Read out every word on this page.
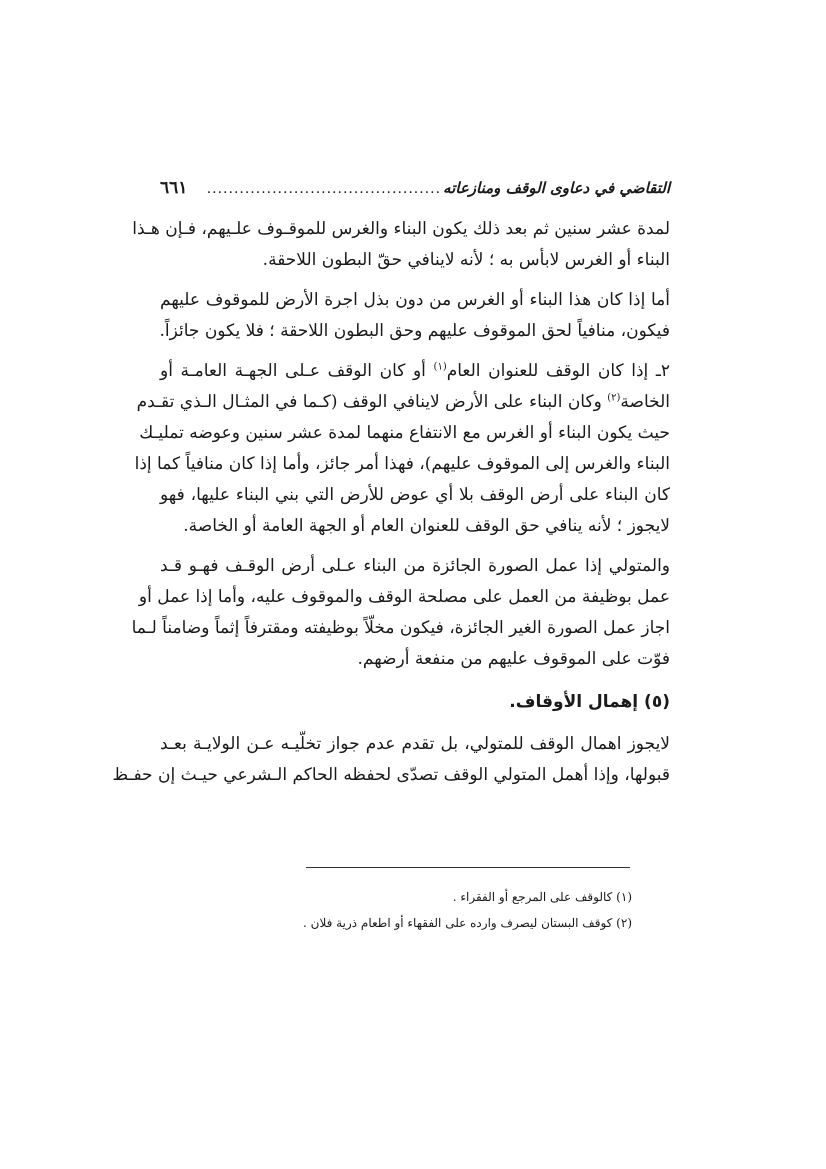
التقاضي في دعاوى الوقف ومنازعاته
...........................................
٦٦١

لمدة عشر سنين ثم بعد ذلك يكون البناء والغرس للموقـوف علـيهم، فـإن هـذا
البناء أو الغرس لابأس به ؛ لأنه لاينافي حقّ البطون اللاحقة.

أما إذا كان هذا البناء أو الغرس من دون بذل اجرة الأرض للموقوف عليهم
فيكون، منافياً لحق الموقوف عليهم وحق البطون اللاحقة ؛ فلا يكون جائزاً.

٢ـ إذا كان الوقف للعنوان العام$^{(١)}$ أو كان الوقف عـلى الجهـة العامـة أو
الخاصة$^{(٢)}$ وكان البناء على الأرض لاينافي الوقف (كـما في المثـال الـذي تقـدم
حيث يكون البناء أو الغرس مع الانتفاع منهما لمدة عشر سنين وعوضه تمليـك
البناء والغرس إلى الموقوف عليهم)، فهذا أمر جائز، وأما إذا كان منافياً كما إذا
كان البناء على أرض الوقف بلا أي عوض للأرض التي بني البناء عليها، فهو
لايجوز ؛ لأنه ينافي حق الوقف للعنوان العام أو الجهة العامة أو الخاصة.

والمتولي إذا عمل الصورة الجائزة من البناء عـلى أرض الوقـف فهـو قـد
عمل بوظيفة من العمل على مصلحة الوقف والموقوف عليه، وأما إذا عمل أو
اجاز عمل الصورة الغير الجائزة، فيكون مخلّاً بوظيفته ومقترفاً إثماً وضامناً لـما
فوّت على الموقوف عليهم من منفعة أرضهم.

(٥) إهمال الأوقاف.

لايجوز اهمال الوقف للمتولي، بل تقدم عدم جواز تخلّيـه عـن الولايـة بعـد
قبولها، وإذا أهمل المتولي الوقف تصدّى لحفظه الحاكم الـشرعي حيـث إن حفـظ

(١) كالوقف على المرجع أو الفقراء .
(٢) كوقف البستان ليصرف وارده على الفقهاء أو اطعام ذرية فلان .
